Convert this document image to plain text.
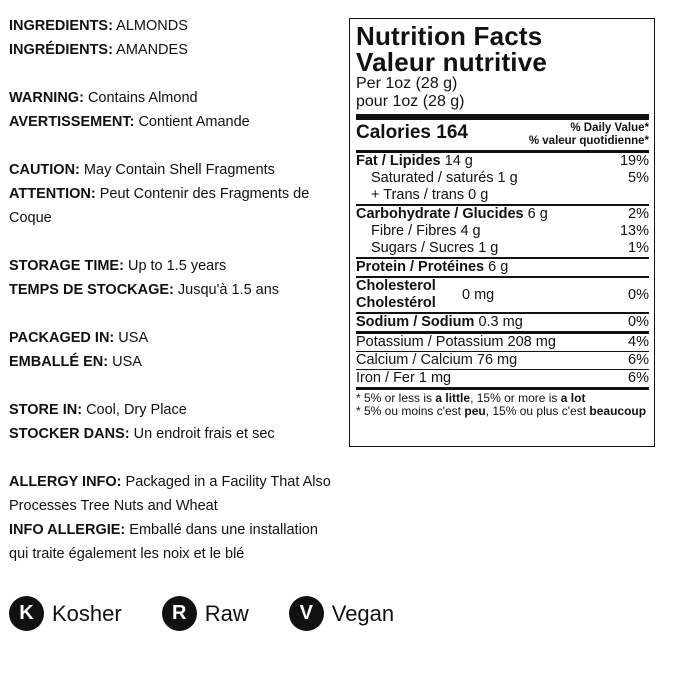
INGREDIENTS: ALMONDS
INGRÉDIENTS: AMANDES
WARNING: Contains Almond
AVERTISSEMENT: Contient Amande
CAUTION: May Contain Shell Fragments
ATTENTION: Peut Contenir des Fragments de Coque
STORAGE TIME: Up to 1.5 years
TEMPS DE STOCKAGE: Jusqu'à 1.5 ans
PACKAGED IN: USA
EMBALLÉ EN: USA
STORE IN: Cool, Dry Place
STOCKER DANS: Un endroit frais et sec
ALLERGY INFO: Packaged in a Facility That Also Processes Tree Nuts and Wheat
INFO ALLERGIE: Emballé dans une installation qui traite également les noix et le blé
Nutrition Facts
Valeur nutritive
Per 1oz (28 g)
pour 1oz (28 g)
Calories 164	% Daily Value*
% valeur quotidienne*
Fat / Lipides 14 g	19%
Saturated / saturés 1 g	5%
+ Trans / trans 0 g
Carbohydrate / Glucides 6 g	2%
Fibre / Fibres 4 g	13%
Sugars / Sucres 1 g	1%
Protein / Protéines 6 g
Cholesterol
Cholestérol
0 mg	0%
Sodium / Sodium 0.3 mg	0%
Potassium / Potassium 208 mg	4%
Calcium / Calcium 76 mg	6%
Iron / Fer 1 mg	6%
* 5% or less is a little, 15% or more is a lot
* 5% ou moins c'est peu, 15% ou plus c'est beaucoup
K Kosher	R Raw	V Vegan
